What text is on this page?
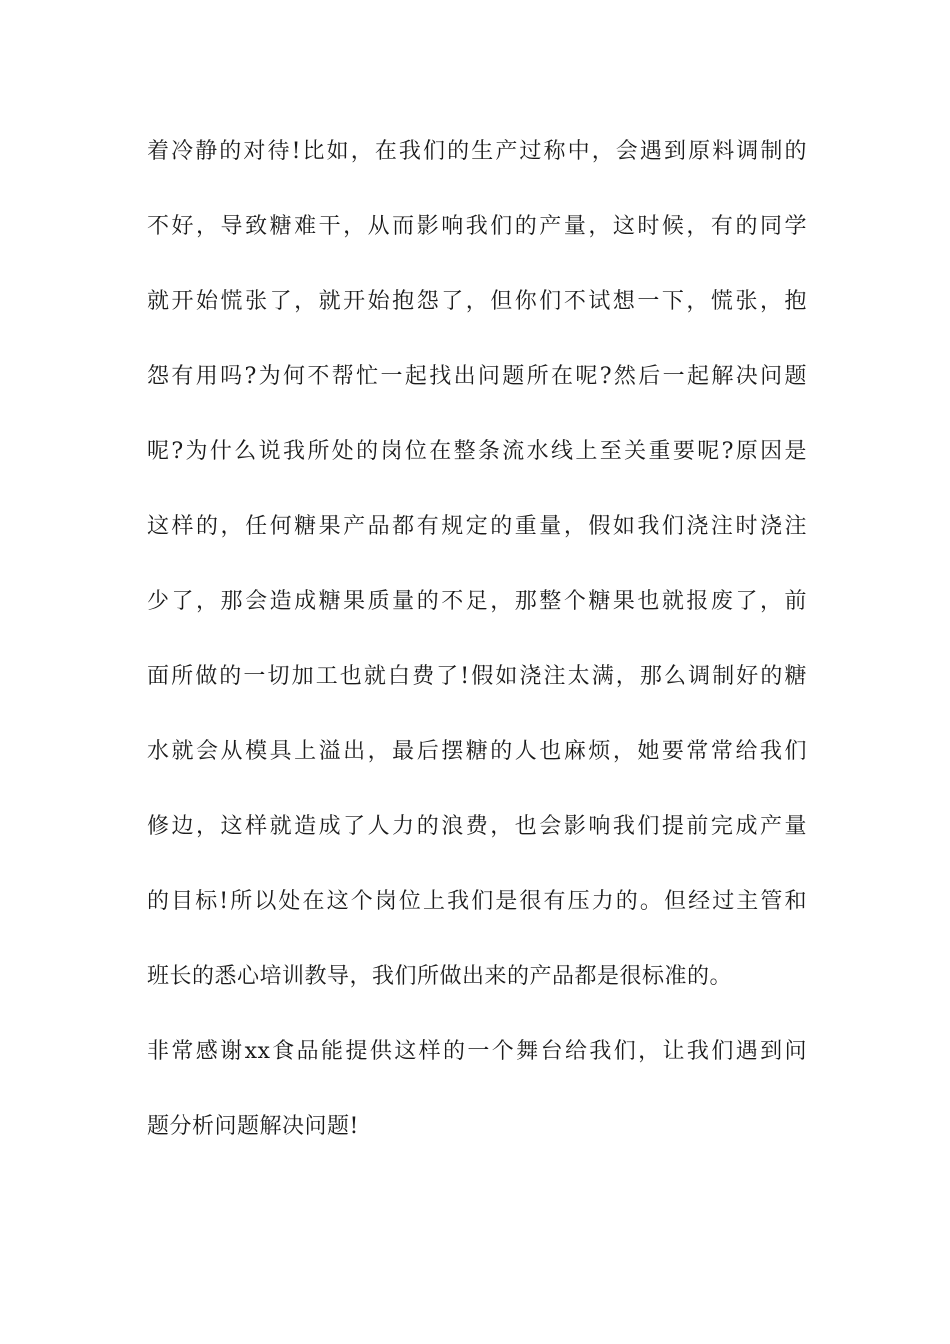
着冷静的对待!比如，在我们的生产过称中，会遇到原料调制的
不好，导致糖难干，从而影响我们的产量，这时候，有的同学
就开始慌张了，就开始抱怨了，但你们不试想一下，慌张，抱
怨有用吗?为何不帮忙一起找出问题所在呢?然后一起解决问题
呢?为什么说我所处的岗位在整条流水线上至关重要呢?原因是
这样的，任何糖果产品都有规定的重量，假如我们浇注时浇注
少了，那会造成糖果质量的不足，那整个糖果也就报废了，前
面所做的一切加工也就白费了!假如浇注太满，那么调制好的糖
水就会从模具上溢出，最后摆糖的人也麻烦，她要常常给我们
修边，这样就造成了人力的浪费，也会影响我们提前完成产量
的目标!所以处在这个岗位上我们是很有压力的。但经过主管和
班长的悉心培训教导，我们所做出来的产品都是很标准的。
非常感谢xx食品能提供这样的一个舞台给我们，让我们遇到问
题分析问题解决问题!
